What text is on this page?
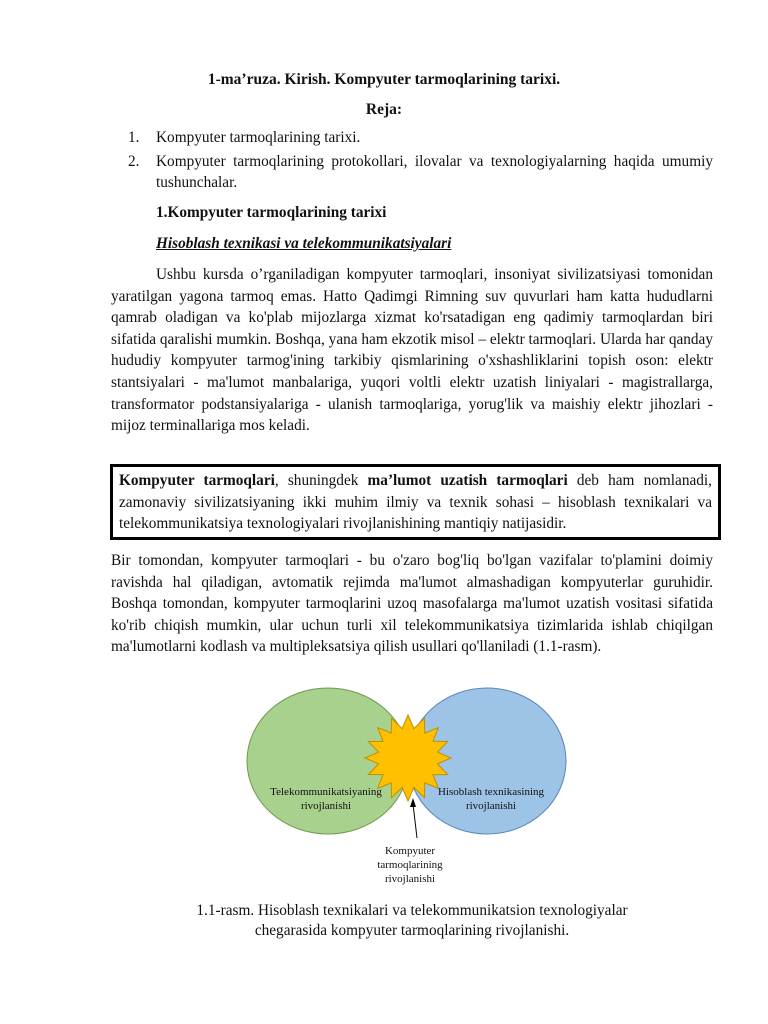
1-ma’ruza. Kirish. Kompyuter tarmoqlarining tarixi.
Reja:
1. Kompyuter tarmoqlarining tarixi.
2. Kompyuter tarmoqlarining protokollari, ilovalar va texnologiyalarning haqida umumiy tushunchalar.
1.Kompyuter tarmoqlarining tarixi
Hisoblash texnikasi va telekommunikatsiyalari
Ushbu kursda o’rganiladigan kompyuter tarmoqlari, insoniyat sivilizatsiyasi tomonidan yaratilgan yagona tarmoq emas. Hatto Qadimgi Rimning suv quvurlari ham katta hududlarni qamrab oladigan va ko'plab mijozlarga xizmat ko'rsatadigan eng qadimiy tarmoqlardan biri sifatida qaralishi mumkin. Boshqa, yana ham ekzotik misol – elektr tarmoqlari. Ularda har qanday hududiy kompyuter tarmog'ining tarkibiy qismlarining o'xshashliklarini topish oson: elektr stantsiyalari - ma'lumot manbalariga, yuqori voltli elektr uzatish liniyalari - magistrallarga, transformator podstansiyalariga - ulanish tarmoqlariga, yorug'lik va maishiy elektr jihozlari - mijoz terminallariga mos keladi.
Kompyuter tarmoqlari, shuningdek ma’lumot uzatish tarmoqlari deb ham nomlanadi, zamonaviy sivilizatsiyaning ikki muhim ilmiy va texnik sohasi – hisoblash texnikalari va telekommunikatsiya texnologiyalari rivojlanishining mantiqiy natijasidir.
Bir tomondan, kompyuter tarmoqlari - bu o'zaro bog'liq bo'lgan vazifalar to'plamini doimiy ravishda hal qiladigan, avtomatik rejimda ma'lumot almashadigan kompyuterlar guruhidir. Boshqa tomondan, kompyuter tarmoqlarini uzoq masofalarga ma'lumot uzatish vositasi sifatida ko'rib chiqish mumkin, ular uchun turli xil telekommunikatsiya tizimlarida ishlab chiqilgan ma'lumotlarni kodlash va multipleksatsiya qilish usullari qo'llaniladi (1.1-rasm).
Telekommunikatsiyaning
rivojlanishi
Hisoblash texnikasining
rivojlanishi
Kompyuter
tarmoqlarining
rivojlanishi
1.1-rasm. Hisoblash texnikalari va telekommunikatsion texnologiyalar
chegarasida kompyuter tarmoqlarining rivojlanishi.
